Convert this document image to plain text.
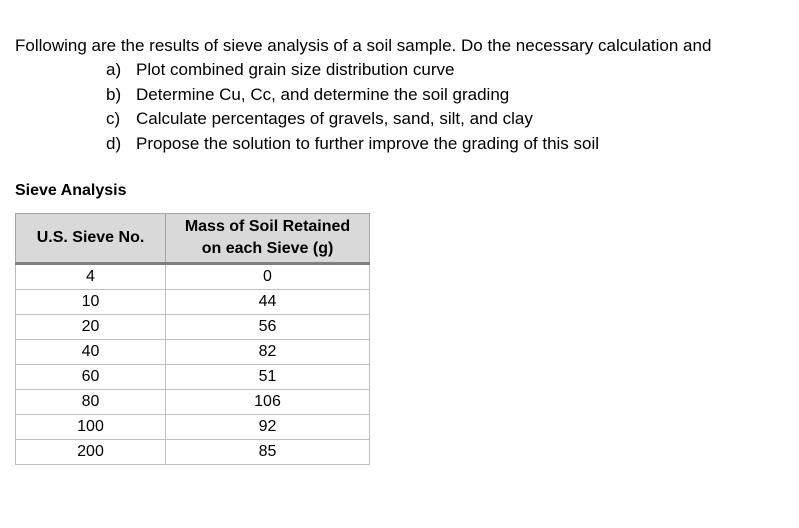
Following are the results of sieve analysis of a soil sample. Do the necessary calculation and
a) Plot combined grain size distribution curve
b) Determine Cu, Cc, and determine the soil grading
c) Calculate percentages of gravels, sand, silt, and clay
d) Propose the solution to further improve the grading of this soil
Sieve Analysis
U.S. Sieve No.	Mass of Soil Retained
on each Sieve (g)
4	0
10	44
20	56
40	82
60	51
80	106
100	92
200	85
